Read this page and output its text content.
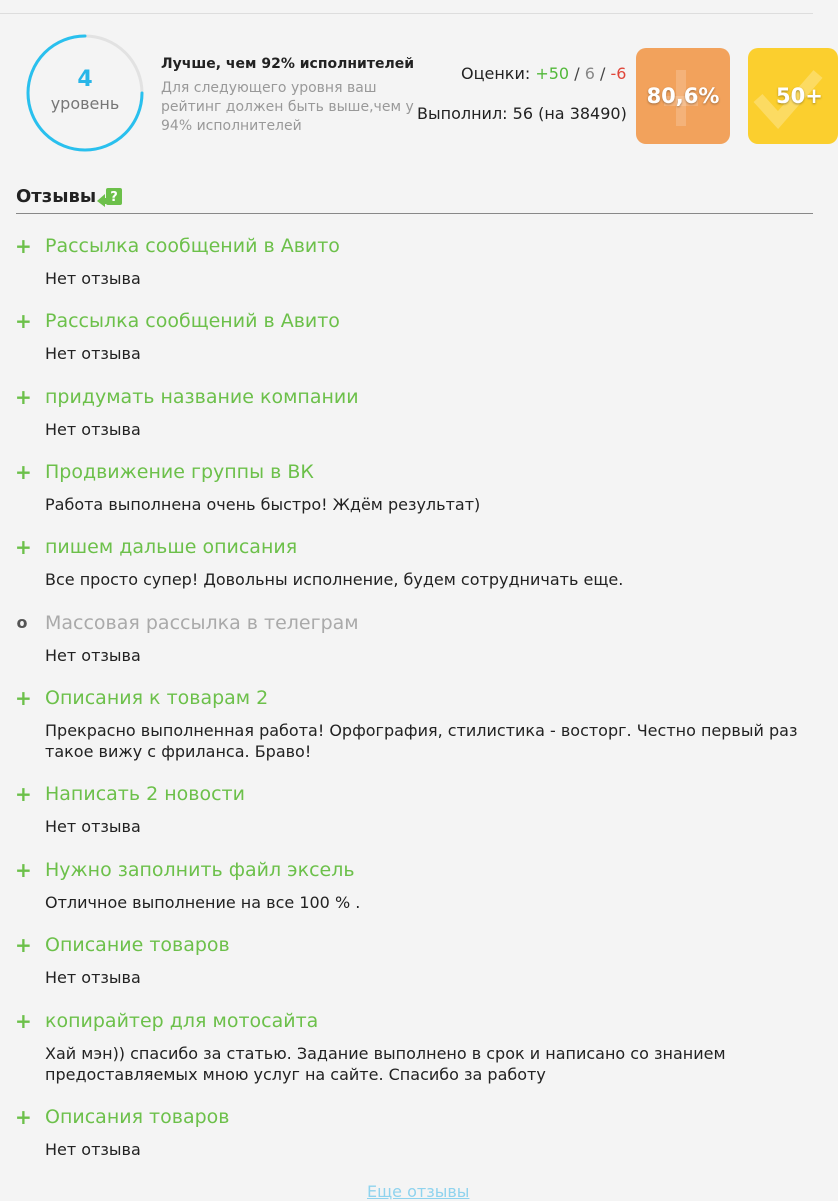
4
уровень
Лучше, чем 92% исполнителей
Для следующего уровня ваш рейтинг должен быть выше,чем у 94% исполнителей
Оценки: +50 / 6 / -6
Выполнил: 56 (на 38490)
80,6%	50+
Отзывы ?
+ Рассылка сообщений в Авито
Нет отзыва
+ Рассылка сообщений в Авито
Нет отзыва
+ придумать название компании
Нет отзыва
+ Продвижение группы в ВК
Работа выполнена очень быстро! Ждём результат)
+ пишем дальше описания
Все просто супер! Довольны исполнение, будем сотрудничать еще.
o Массовая рассылка в телеграм
Нет отзыва
+ Описания к товарам 2
Прекрасно выполненная работа! Орфография, стилистика - восторг. Честно первый раз такое вижу с фриланса. Браво!
+ Написать 2 новости
Нет отзыва
+ Нужно заполнить файл эксель
Отличное выполнение на все 100 % .
+ Описание товаров
Нет отзыва
+ копирайтер для мотосайта
Хай мэн)) спасибо за статью. Задание выполнено в срок и написано со знанием предоставляемых мною услуг на сайте. Спасибо за работу
+ Описания товаров
Нет отзыва
Еще отзывы
